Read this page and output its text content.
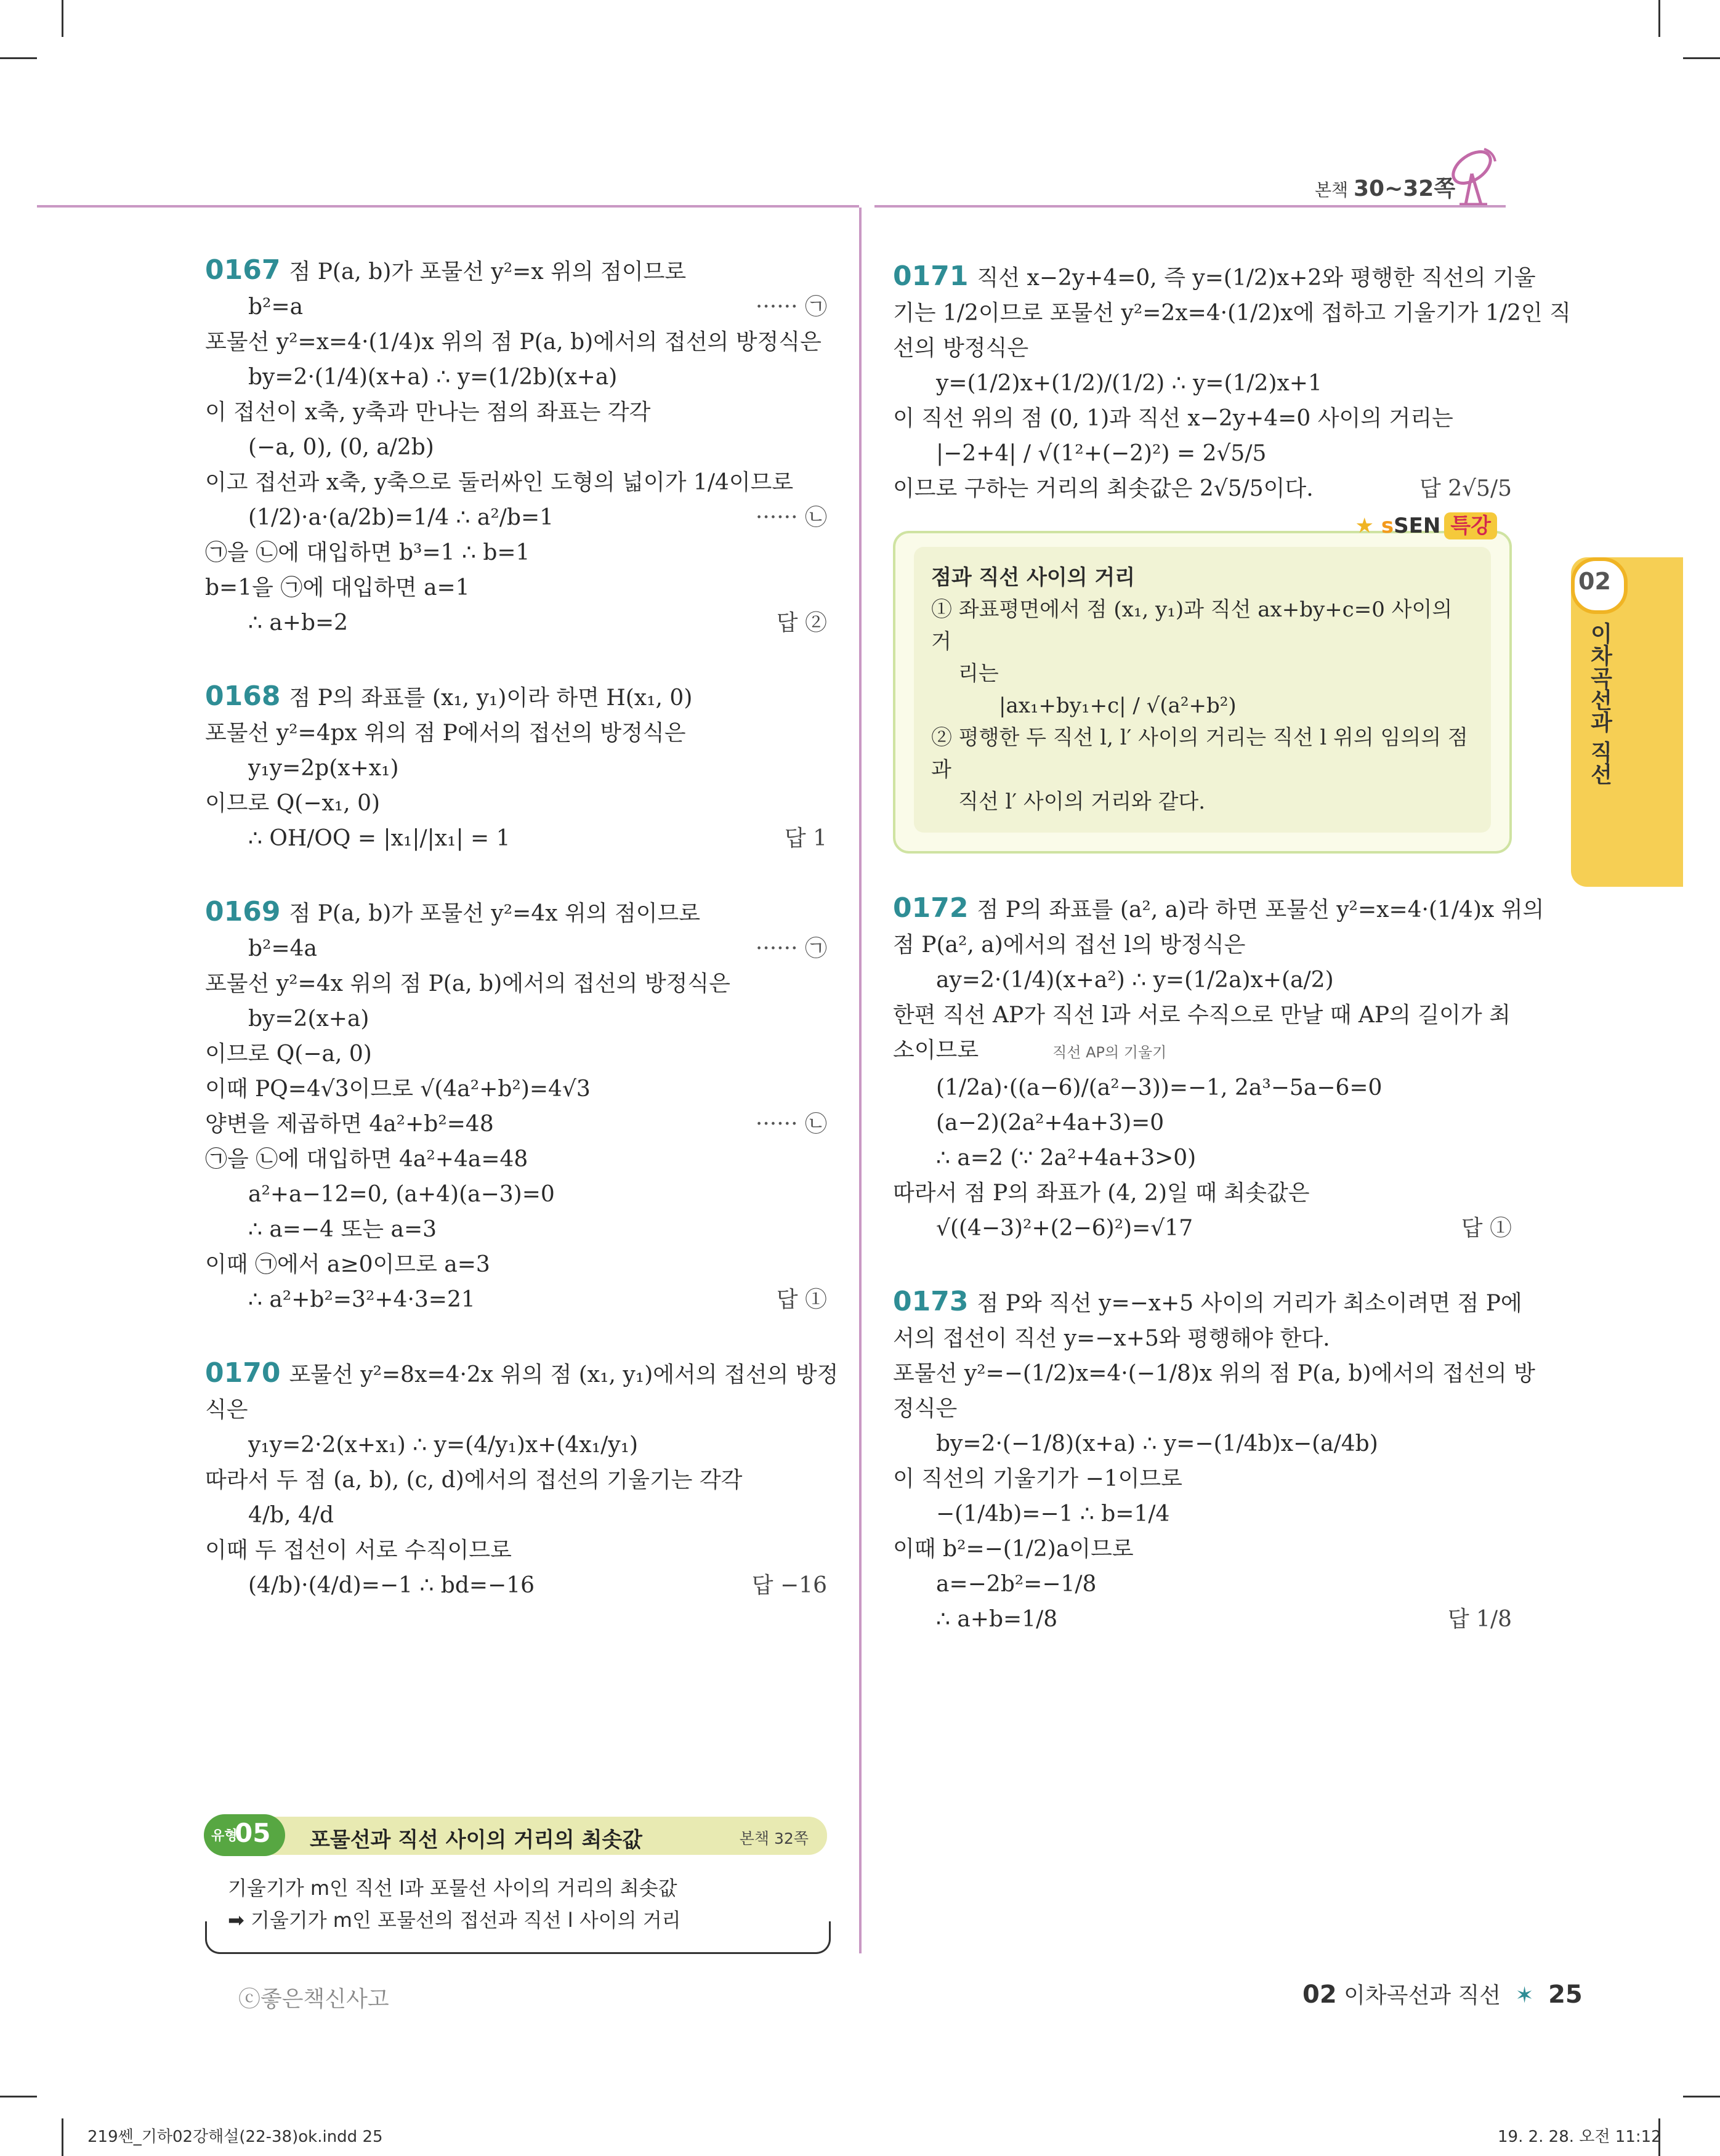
본책 30~32쪽

0167 점 P(a, b)가 포물선 y²=x 위의 점이므로

b²=a	······ ㉠

포물선 y²=x=4·(1/4)x 위의 점 P(a, b)에서의 접선의 방정식은

by=2·(1/4)(x+a) ∴ y=(1/2b)(x+a)

이 접선이 x축, y축과 만나는 점의 좌표는 각각

(−a, 0), (0, a/2b)

이고 접선과 x축, y축으로 둘러싸인 도형의 넓이가 1/4이므로

(1/2)·a·(a/2b)=1/4 ∴ a²/b=1	······ ㉡

㉠을 ㉡에 대입하면 b³=1 ∴ b=1

b=1을 ㉠에 대입하면 a=1

∴ a+b=2	답 ②

0168 점 P의 좌표를 (x₁, y₁)이라 하면 H(x₁, 0)

포물선 y²=4px 위의 점 P에서의 접선의 방정식은

y₁y=2p(x+x₁)

이므로 Q(−x₁, 0)

∴ OH/OQ = |x₁|/|x₁| = 1	답 1

0169 점 P(a, b)가 포물선 y²=4x 위의 점이므로

b²=4a	······ ㉠

포물선 y²=4x 위의 점 P(a, b)에서의 접선의 방정식은

by=2(x+a)

이므로 Q(−a, 0)

이때 PQ=4√3이므로 √(4a²+b²)=4√3

양변을 제곱하면 4a²+b²=48	······ ㉡

㉠을 ㉡에 대입하면 4a²+4a=48

a²+a−12=0, (a+4)(a−3)=0

∴ a=−4 또는 a=3

이때 ㉠에서 a≥0이므로 a=3

∴ a²+b²=3²+4·3=21	답 ①

0170 포물선 y²=8x=4·2x 위의 점 (x₁, y₁)에서의 접선의 방정

식은

y₁y=2·2(x+x₁) ∴ y=(4/y₁)x+(4x₁/y₁)

따라서 두 점 (a, b), (c, d)에서의 접선의 기울기는 각각

4/b, 4/d

이때 두 접선이 서로 수직이므로

(4/b)·(4/d)=−1 ∴ bd=−16	답 −16

유형
05 포물선과 직선 사이의 거리의 최솟값	본책 32쪽
기울기가 m인 직선 l과 포물선 사이의 거리의 최솟값
➡ 기울기가 m인 포물선의 접선과 직선 l 사이의 거리

0171 직선 x−2y+4=0, 즉 y=(1/2)x+2와 평행한 직선의 기울

기는 1/2이므로 포물선 y²=2x=4·(1/2)x에 접하고 기울기가 1/2인 직

선의 방정식은

y=(1/2)x+(1/2)/(1/2) ∴ y=(1/2)x+1

이 직선 위의 점 (0, 1)과 직선 x−2y+4=0 사이의 거리는

|−2+4| / √(1²+(−2)²) = 2√5/5

이므로 구하는 거리의 최솟값은 2√5/5이다.	답 2√5/5

★ sSEN 특강
점과 직선 사이의 거리
① 좌표평면에서 점 (x₁, y₁)과 직선 ax+by+c=0 사이의 거
리는
|ax₁+by₁+c| / √(a²+b²)
② 평행한 두 직선 l, l′ 사이의 거리는 직선 l 위의 임의의 점과
직선 l′ 사이의 거리와 같다.

0172 점 P의 좌표를 (a², a)라 하면 포물선 y²=x=4·(1/4)x 위의

점 P(a², a)에서의 접선 l의 방정식은

ay=2·(1/4)(x+a²) ∴ y=(1/2a)x+(a/2)

한편 직선 AP가 직선 l과 서로 수직으로 만날 때 AP의 길이가 최

소이므로	직선 AP의 기울기

(1/2a)·((a−6)/(a²−3))=−1, 2a³−5a−6=0

(a−2)(2a²+4a+3)=0

∴ a=2 (∵ 2a²+4a+3>0)

따라서 점 P의 좌표가 (4, 2)일 때 최솟값은

√((4−3)²+(2−6)²)=√17	답 ①

0173 점 P와 직선 y=−x+5 사이의 거리가 최소이려면 점 P에

서의 접선이 직선 y=−x+5와 평행해야 한다.

포물선 y²=−(1/2)x=4·(−1/8)x 위의 점 P(a, b)에서의 접선의 방

정식은

by=2·(−1/8)(x+a) ∴ y=−(1/4b)x−(a/4b)

이 직선의 기울기가 −1이므로

−(1/4b)=−1 ∴ b=1/4

이때 b²=−(1/2)a이므로

a=−2b²=−1/8

∴ a+b=1/8	답 1/8

02
이차곡선과 직선
ⓒ좋은책신사고	02 이차곡선과 직선 ✶ 25
219쎈_기하02강해설(22-38)ok.indd 25	19. 2. 28. 오전 11:12
